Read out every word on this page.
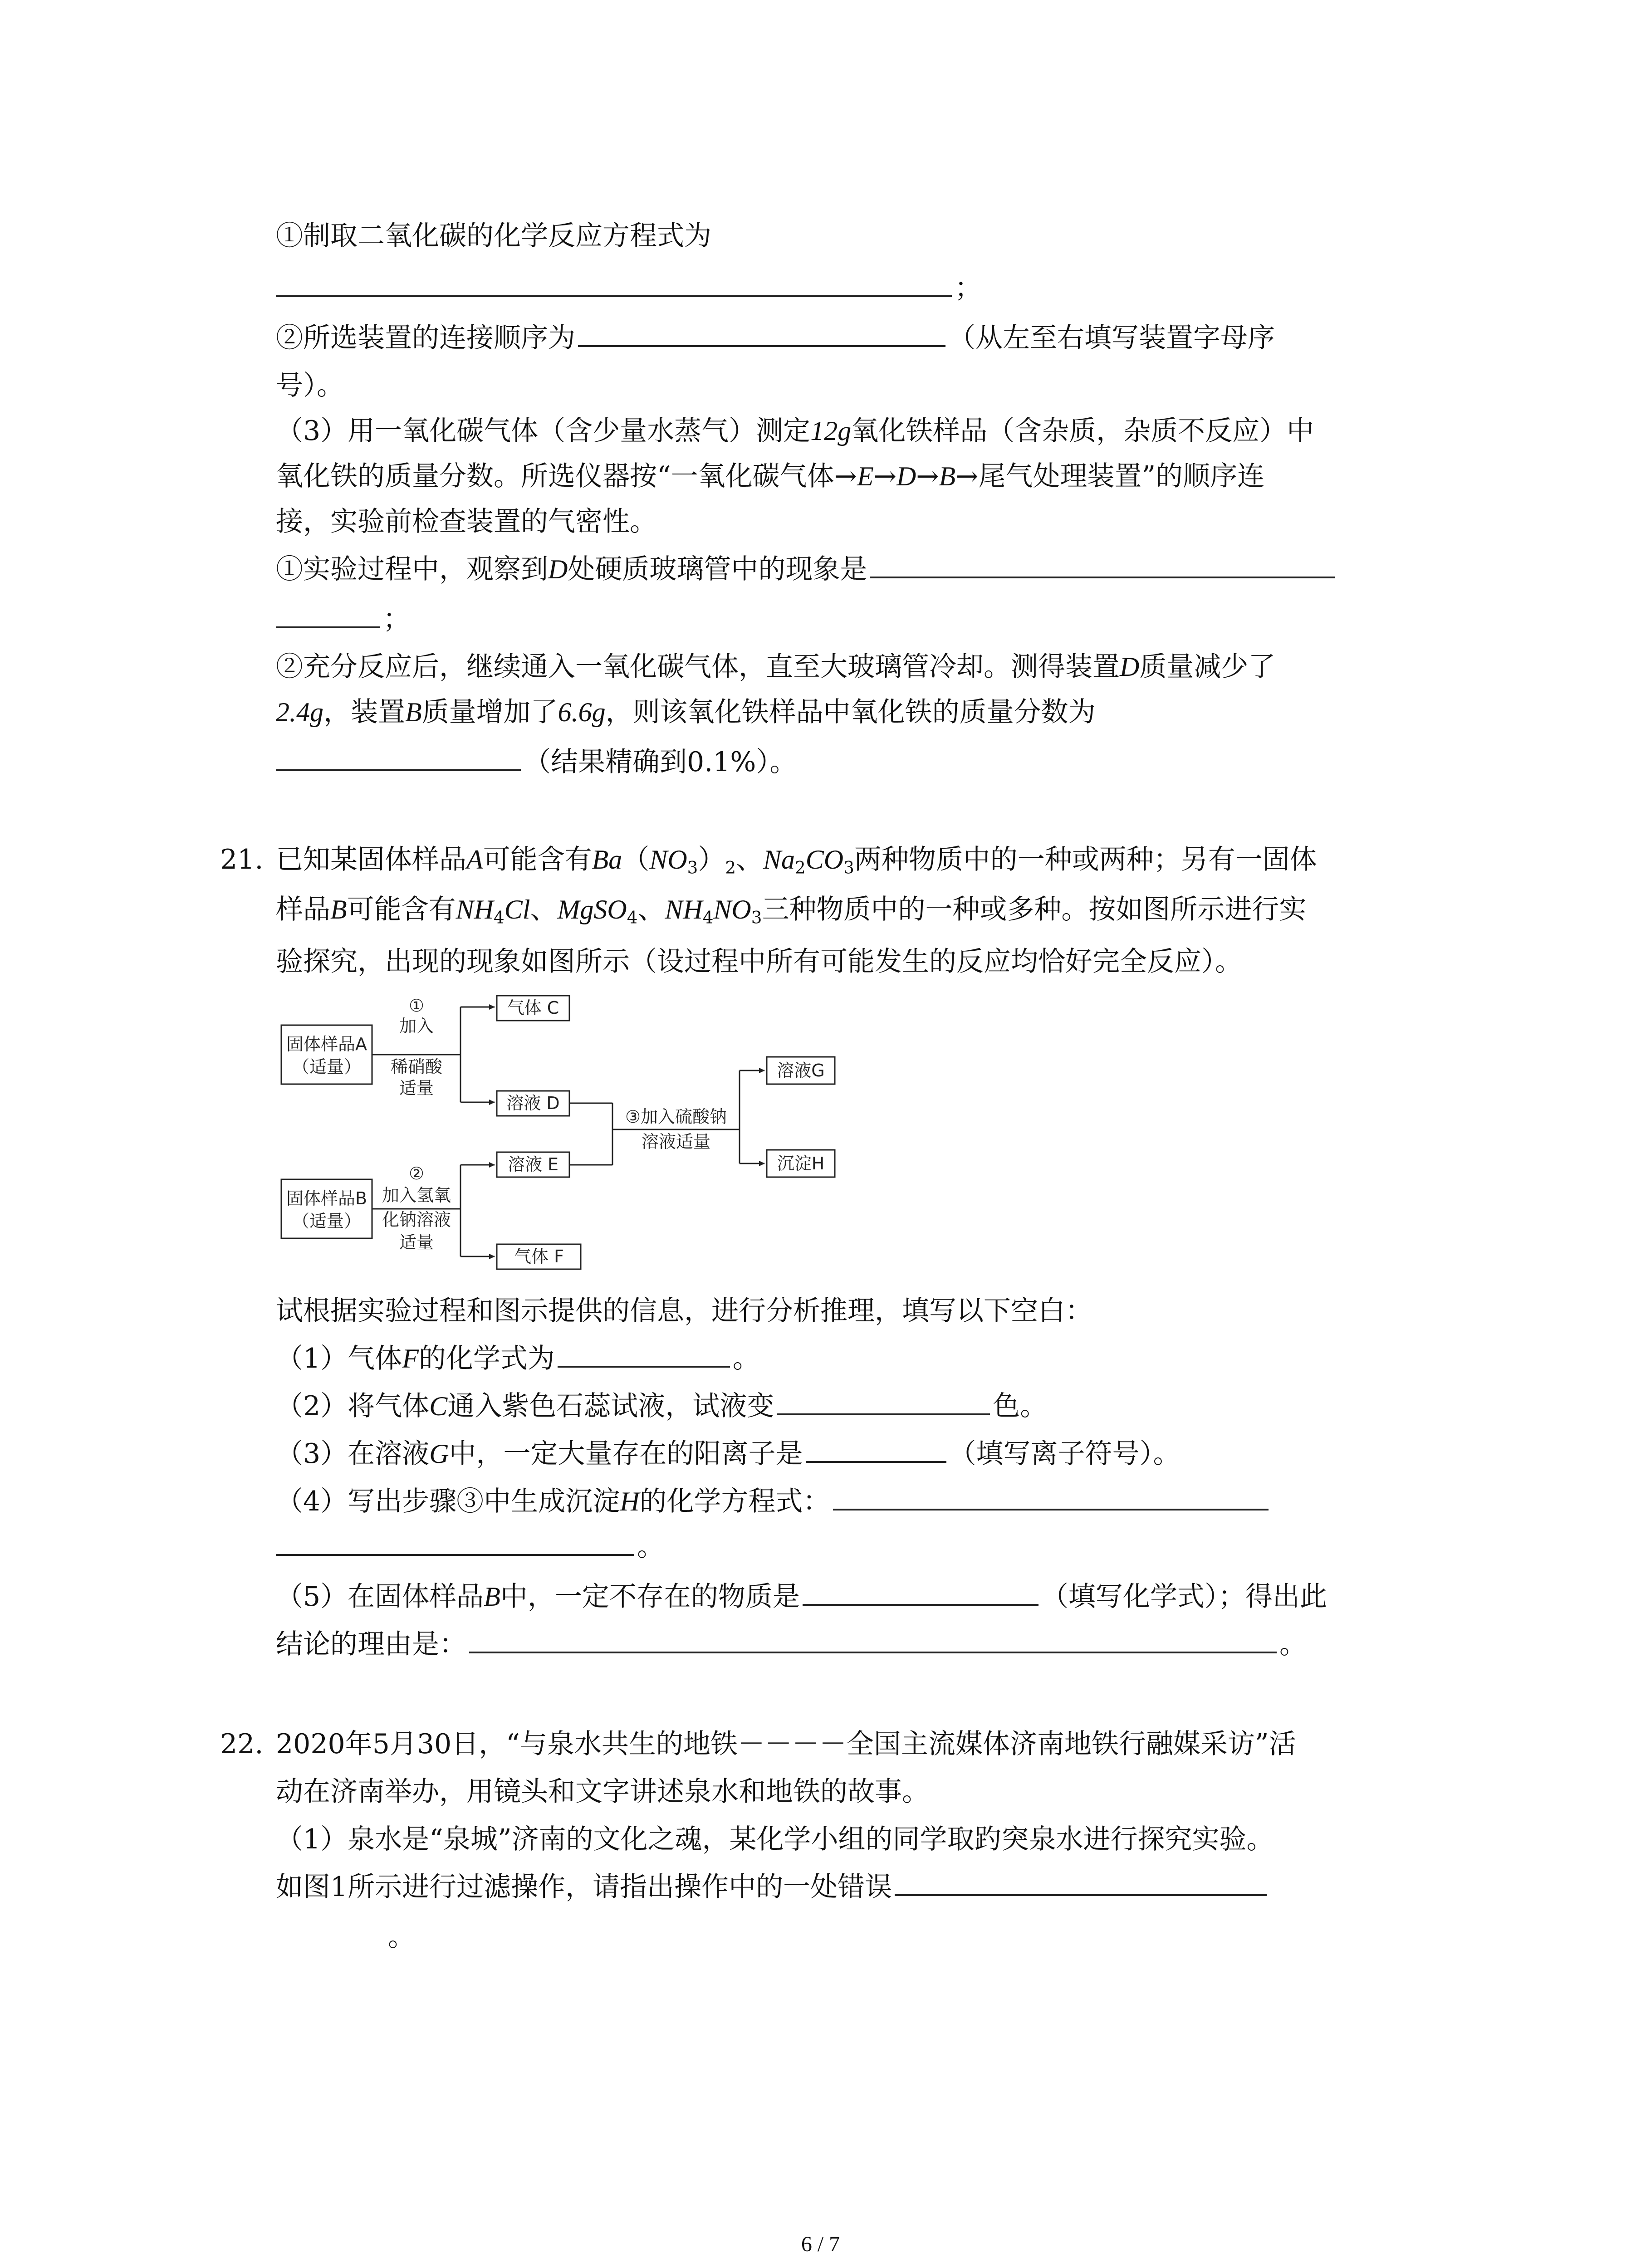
①制取二氧化碳的化学反应方程式为
；
②所选装置的连接顺序为	（从左至右填写装置字母序
号）。
（3）用一氧化碳气体（含少量水蒸气）测定12g氧化铁样品（含杂质，杂质不反应）中
氧化铁的质量分数。所选仪器按“一氧化碳气体→E→D→B→尾气处理装置”的顺序连
接，实验前检查装置的气密性。
①实验过程中，观察到D处硬质玻璃管中的现象是
；
②充分反应后，继续通入一氧化碳气体，直至大玻璃管冷却。测得装置D质量减少了
2.4g，装置B质量增加了6.6g，则该氧化铁样品中氧化铁的质量分数为
（结果精确到0.1%）。
21. 已知某固体样品A可能含有$Ba(NO_3)_2$、$Na_2CO_3$两种物质中的一种或两种；另有一固体
样品B可能含有$NH_4Cl$、MgSO$_4$、$NH_4NO_3$三种物质中的一种或多种。按如图所示进行实
验探究，出现的现象如图所示（设过程中所有可能发生的反应均恰好完全反应）。
固体样品A
（适量）
①
加入
稀硝酸
适量
气体 C
溶液 D
③加入硫酸钠
溶液适量
溶液G
沉淀H
溶液 E
固体样品B
（适量）
②
加入氢氧
化钠溶液
适量
气体 F
试根据实验过程和图示提供的信息，进行分析推理，填写以下空白：
（1）气体F的化学式为	。
（2）将气体C通入紫色石蕊试液，试液变	色。
（3）在溶液G中，一定大量存在的阳离子是	（填写离子符号）。
（4）写出步骤③中生成沉淀H的化学方程式：
。
（5）在固体样品B中，一定不存在的物质是	（填写化学式）；得出此
结论的理由是：	。
22. 2020年5月30日，“与泉水共生的地铁－－－－全国主流媒体济南地铁行融媒采访”活
动在济南举办，用镜头和文字讲述泉水和地铁的故事。
（1）泉水是“泉城”济南的文化之魂，某化学小组的同学取趵突泉水进行探究实验。
如图1所示进行过滤操作，请指出操作中的一处错误
。
6 / 7
